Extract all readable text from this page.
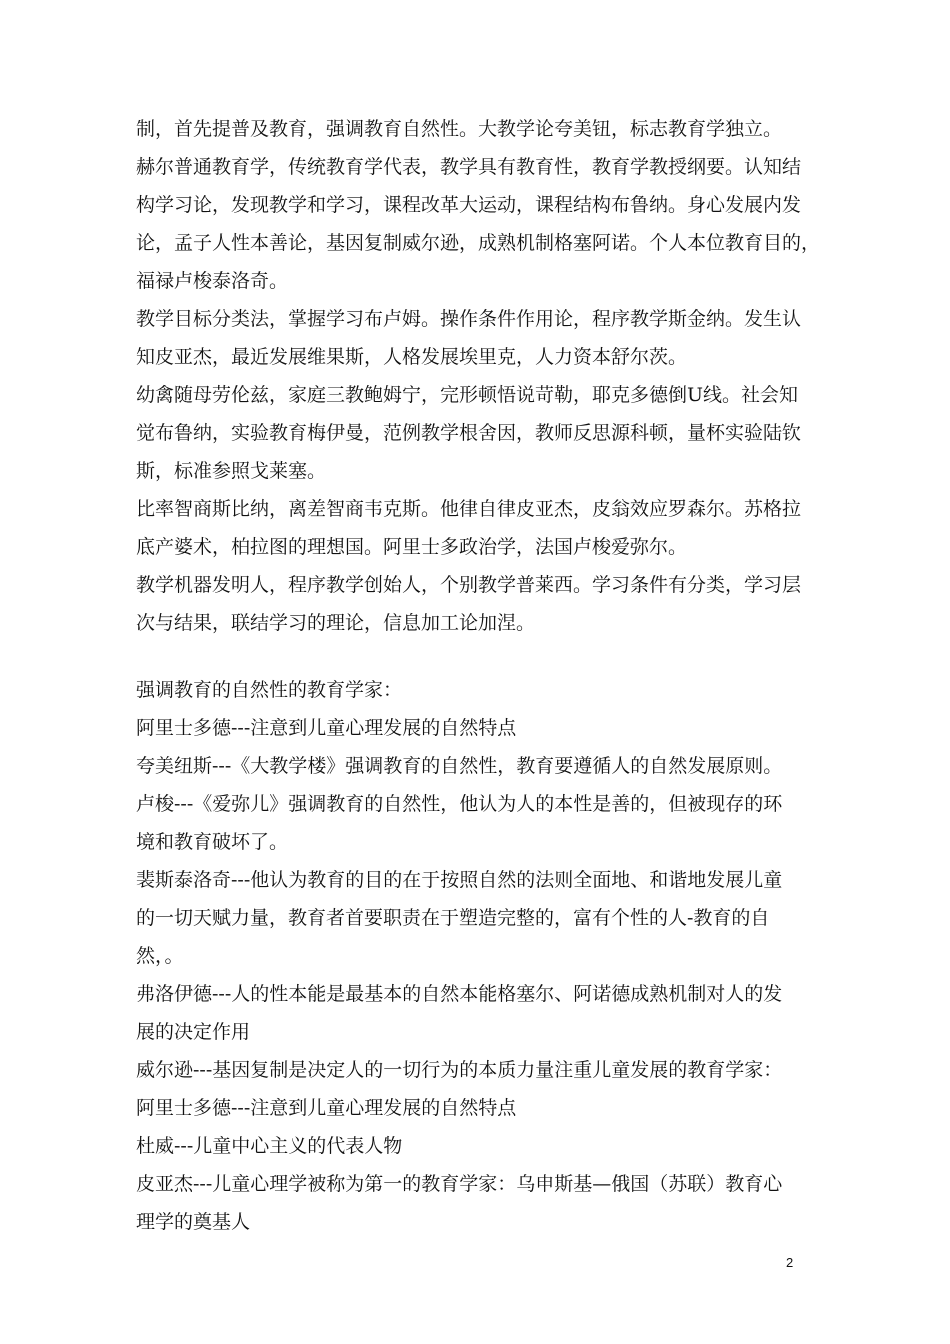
制，首先提普及教育，强调教育自然性。大教学论夸美钮，标志教育学独立。
赫尔普通教育学，传统教育学代表，教学具有教育性，教育学教授纲要。认知结
构学习论，发现教学和学习，课程改革大运动，课程结构布鲁纳。身心发展内发
论，孟子人性本善论，基因复制威尔逊，成熟机制格塞阿诺。个人本位教育目的，
福禄卢梭泰洛奇。
教学目标分类法，掌握学习布卢姆。操作条件作用论，程序教学斯金纳。发生认
知皮亚杰，最近发展维果斯，人格发展埃里克，人力资本舒尔茨。
幼禽随母劳伦兹，家庭三教鲍姆宁，完形顿悟说苛勒，耶克多德倒U线。社会知
觉布鲁纳，实验教育梅伊曼，范例教学根舍因，教师反思源科顿，量杯实验陆钦
斯，标准参照戈莱塞。
比率智商斯比纳，离差智商韦克斯。他律自律皮亚杰，皮翁效应罗森尔。苏格拉
底产婆术，柏拉图的理想国。阿里士多政治学，法国卢梭爱弥尔。
教学机器发明人，程序教学创始人，个别教学普莱西。学习条件有分类，学习层
次与结果，联结学习的理论，信息加工论加涅。
强调教育的自然性的教育学家：
阿里士多德---注意到儿童心理发展的自然特点
夸美纽斯---《大教学楼》强调教育的自然性，教育要遵循人的自然发展原则。
卢梭---《爱弥儿》强调教育的自然性，他认为人的本性是善的，但被现存的环
境和教育破坏了。
裴斯泰洛奇---他认为教育的目的在于按照自然的法则全面地、和谐地发展儿童
的一切天赋力量，教育者首要职责在于塑造完整的，富有个性的人-教育的自
然，。
弗洛伊德---人的性本能是最基本的自然本能格塞尔、阿诺德成熟机制对人的发
展的决定作用
威尔逊---基因复制是决定人的一切行为的本质力量注重儿童发展的教育学家：
阿里士多德---注意到儿童心理发展的自然特点
杜威---儿童中心主义的代表人物
皮亚杰---儿童心理学被称为第一的教育学家：乌申斯基—俄国（苏联）教育心
理学的奠基人
2
